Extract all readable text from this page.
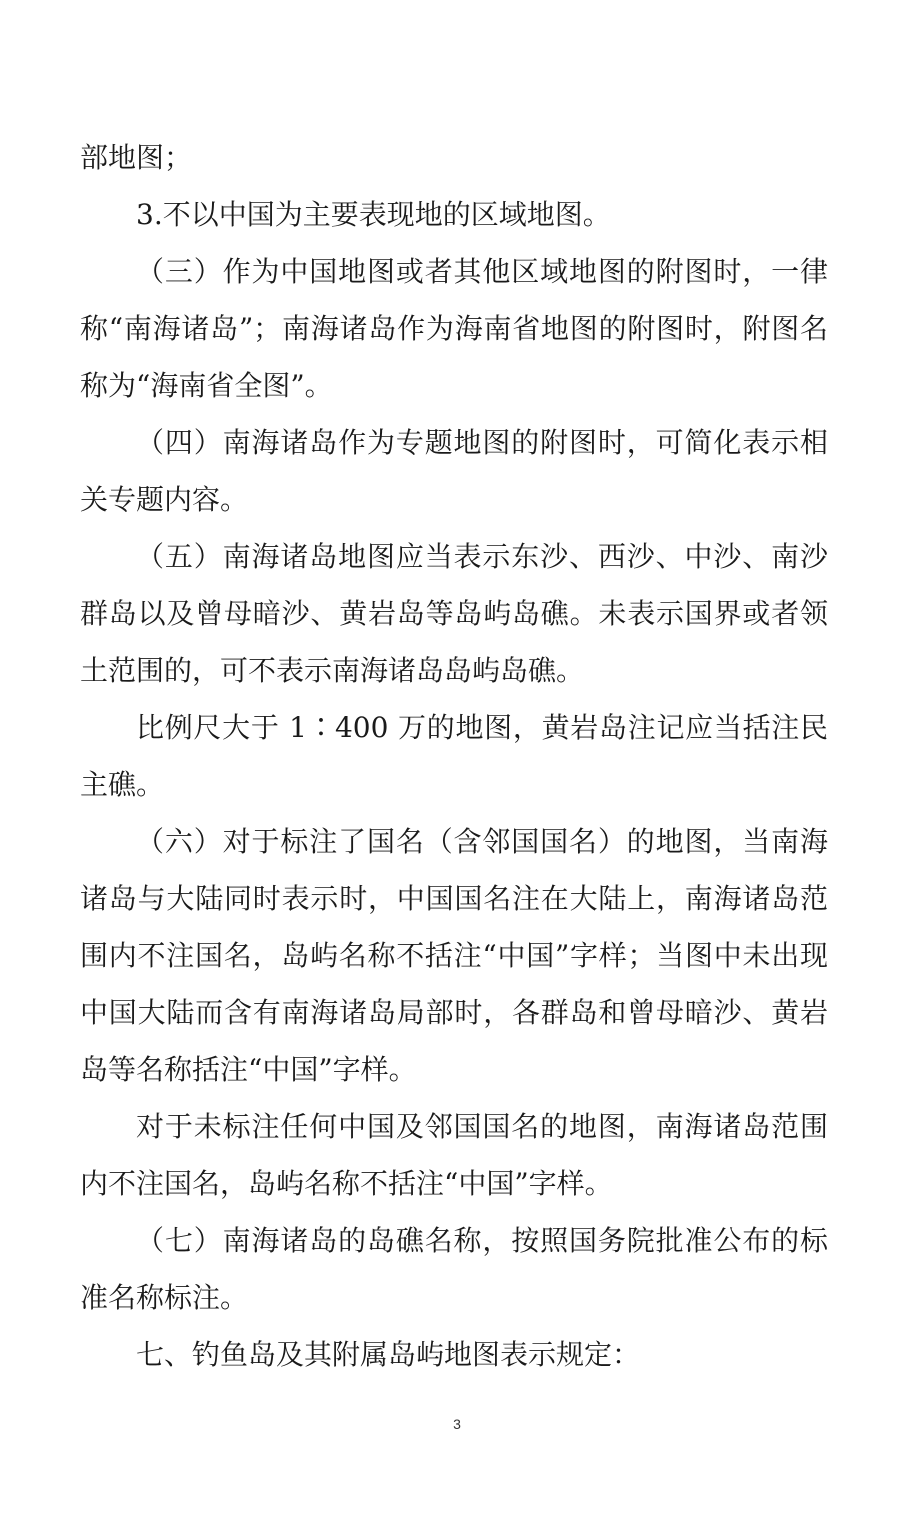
部地图；
3.不以中国为主要表现地的区域地图。
（三）作为中国地图或者其他区域地图的附图时，一律
称“南海诸岛”；南海诸岛作为海南省地图的附图时，附图名
称为“海南省全图”。
（四）南海诸岛作为专题地图的附图时，可简化表示相
关专题内容。
（五）南海诸岛地图应当表示东沙、西沙、中沙、南沙
群岛以及曾母暗沙、黄岩岛等岛屿岛礁。未表示国界或者领
土范围的，可不表示南海诸岛岛屿岛礁。
比例尺大于 1∶400 万的地图，黄岩岛注记应当括注民
主礁。
（六）对于标注了国名（含邻国国名）的地图，当南海
诸岛与大陆同时表示时，中国国名注在大陆上，南海诸岛范
围内不注国名，岛屿名称不括注“中国”字样；当图中未出现
中国大陆而含有南海诸岛局部时，各群岛和曾母暗沙、黄岩
岛等名称括注“中国”字样。
对于未标注任何中国及邻国国名的地图，南海诸岛范围
内不注国名，岛屿名称不括注“中国”字样。
（七）南海诸岛的岛礁名称，按照国务院批准公布的标
准名称标注。
七、钓鱼岛及其附属岛屿地图表示规定：
3
